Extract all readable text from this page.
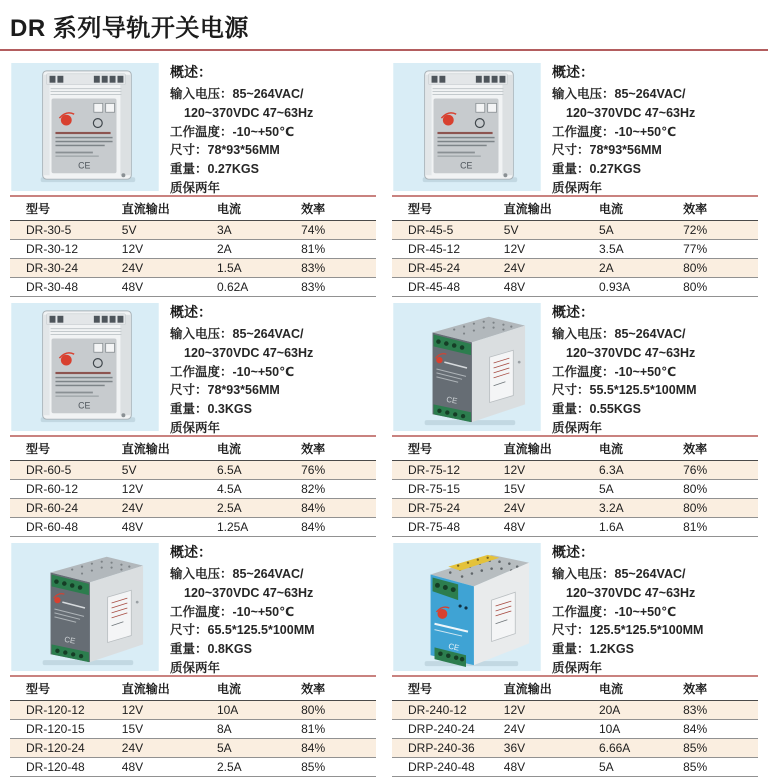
DR 系列导轨开关电源
概述：
输入电压：85~264VAC/
120~370VDC 47~63Hz
工作温度：-10~+50℃
尺寸：78*93*56MM
重量：0.27KGS
质保两年
型号	直流输出	电流	效率
DR-30-5	5V	3A	74%
DR-30-12	12V	2A	81%
DR-30-24	24V	1.5A	83%
DR-30-48	48V	0.62A	83%
概述：
输入电压：85~264VAC/
120~370VDC 47~63Hz
工作温度：-10~+50℃
尺寸：78*93*56MM
重量：0.27KGS
质保两年
型号	直流输出	电流	效率
DR-45-5	5V	5A	72%
DR-45-12	12V	3.5A	77%
DR-45-24	24V	2A	80%
DR-45-48	48V	0.93A	80%
概述：
输入电压：85~264VAC/
120~370VDC 47~63Hz
工作温度：-10~+50℃
尺寸：78*93*56MM
重量：0.3KGS
质保两年
型号	直流输出	电流	效率
DR-60-5	5V	6.5A	76%
DR-60-12	12V	4.5A	82%
DR-60-24	24V	2.5A	84%
DR-60-48	48V	1.25A	84%
概述：
输入电压：85~264VAC/
120~370VDC 47~63Hz
工作温度：-10~+50℃
尺寸：55.5*125.5*100MM
重量：0.55KGS
质保两年
型号	直流输出	电流	效率
DR-75-12	12V	6.3A	76%
DR-75-15	15V	5A	80%
DR-75-24	24V	3.2A	80%
DR-75-48	48V	1.6A	81%
概述：
输入电压：85~264VAC/
120~370VDC 47~63Hz
工作温度：-10~+50℃
尺寸：65.5*125.5*100MM
重量：0.8KGS
质保两年
型号	直流输出	电流	效率
DR-120-12	12V	10A	80%
DR-120-15	15V	8A	81%
DR-120-24	24V	5A	84%
DR-120-48	48V	2.5A	85%
概述：
输入电压：85~264VAC/
120~370VDC 47~63Hz
工作温度：-10~+50℃
尺寸：125.5*125.5*100MM
重量：1.2KGS
质保两年
型号	直流输出	电流	效率
DR-240-12	12V	20A	83%
DRP-240-24	24V	10A	84%
DRP-240-36	36V	6.66A	85%
DRP-240-48	48V	5A	85%
